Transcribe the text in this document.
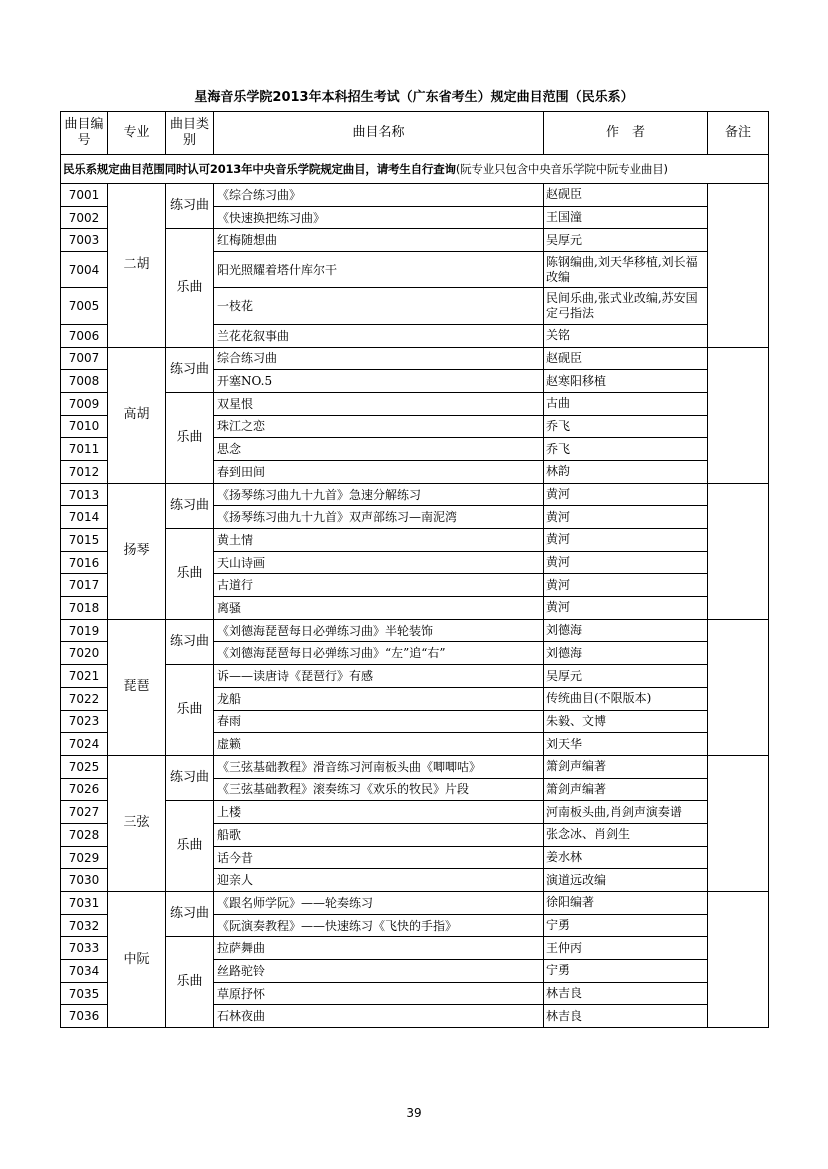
星海音乐学院2013年本科招生考试（广东省考生）规定曲目范围（民乐系）
曲目编号	专业	曲目类别	曲目名称	作　者	备注
民乐系规定曲目范围同时认可2013年中央音乐学院规定曲目，请考生自行查询(阮专业只包含中央音乐学院中阮专业曲目)					
7001	二胡	练习曲	《综合练习曲》	赵砚臣	
7002			《快速换把练习曲》	王国潼	
7003		乐曲	红梅随想曲	吴厚元	
7004			阳光照耀着塔什库尔干	陈钢编曲,刘天华移植,刘长福改编	
7005			一枝花	民间乐曲,张式业改编,苏安国定弓指法	
7006			兰花花叙事曲	关铭	
7007	高胡	练习曲	综合练习曲	赵砚臣	
7008			开塞NO.5	赵寒阳移植	
7009		乐曲	双星恨	古曲	
7010			珠江之恋	乔飞	
7011			思念	乔飞	
7012			春到田间	林韵	
7013	扬琴	练习曲	《扬琴练习曲九十九首》急速分解练习	黄河	
7014			《扬琴练习曲九十九首》双声部练习—南泥湾	黄河	
7015		乐曲	黄土情	黄河	
7016			天山诗画	黄河	
7017			古道行	黄河	
7018			离骚	黄河	
7019	琵琶	练习曲	《刘德海琵琶每日必弹练习曲》半轮装饰	刘德海	
7020			《刘德海琵琶每日必弹练习曲》“左”追“右”	刘德海	
7021		乐曲	诉——读唐诗《琵琶行》有感	吴厚元	
7022			龙船	传统曲目(不限版本)	
7023			春雨	朱毅、文博	
7024			虚籁	刘天华	
7025	三弦	练习曲	《三弦基础教程》滑音练习河南板头曲《唧唧咕》	箫剑声编著	
7026			《三弦基础教程》滚奏练习《欢乐的牧民》片段	箫剑声编著	
7027		乐曲	上楼	河南板头曲,肖剑声演奏谱	
7028			船歌	张念冰、肖剑生	
7029			话今昔	姜水林	
7030			迎亲人	演道远改编	
7031	中阮	练习曲	《跟名师学阮》——轮奏练习	徐阳编著	
7032			《阮演奏教程》——快速练习《飞快的手指》	宁勇	
7033		乐曲	拉萨舞曲	王仲丙	
7034			丝路驼铃	宁勇	
7035			草原抒怀	林吉良	
7036			石林夜曲	林吉良	
39
